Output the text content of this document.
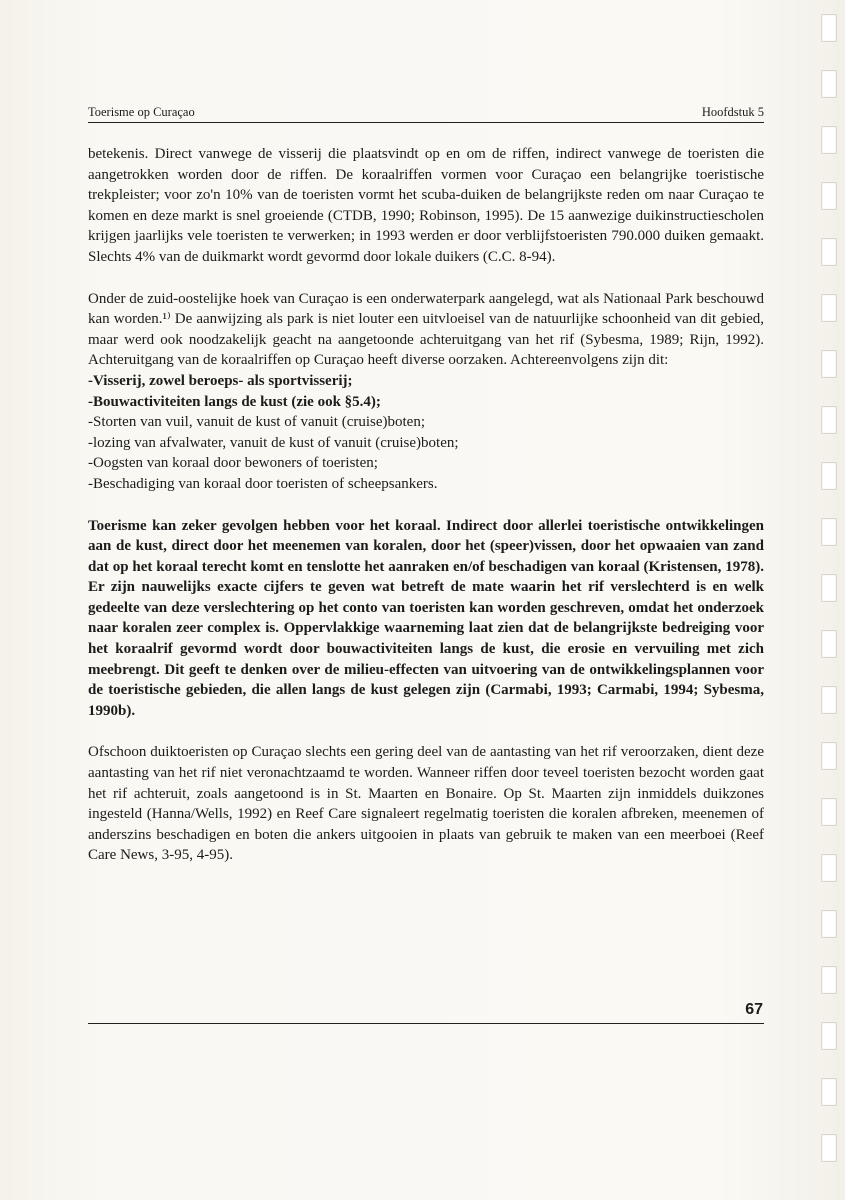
Toerisme op Curaçao	Hoofdstuk 5

betekenis. Direct vanwege de visserij die plaatsvindt op en om de riffen, indirect vanwege de toeristen die aangetrokken worden door de riffen. De koraalriffen vormen voor Curaçao een belangrijke toeristische trekpleister; voor zo'n 10% van de toeristen vormt het scuba-duiken de belangrijkste reden om naar Curaçao te komen en deze markt is snel groeiende (CTDB, 1990; Robinson, 1995). De 15 aanwezige duikinstructiescholen krijgen jaarlijks vele toeristen te verwerken; in 1993 werden er door verblijfstoeristen 790.000 duiken gemaakt. Slechts 4% van de duikmarkt wordt gevormd door lokale duikers (C.C. 8-94).

Onder de zuid-oostelijke hoek van Curaçao is een onderwaterpark aangelegd, wat als Nationaal Park beschouwd kan worden.¹⁾ De aanwijzing als park is niet louter een uitvloeisel van de natuurlijke schoonheid van dit gebied, maar werd ook noodzakelijk geacht na aangetoonde achteruitgang van het rif (Sybesma, 1989; Rijn, 1992). Achteruitgang van de koraalriffen op Curaçao heeft diverse oorzaken. Achtereenvolgens zijn dit:

-Visserij, zowel beroeps- als sportvisserij;
-Bouwactiviteiten langs de kust (zie ook §5.4);
-Storten van vuil, vanuit de kust of vanuit (cruise)boten;
-lozing van afvalwater, vanuit de kust of vanuit (cruise)boten;
-Oogsten van koraal door bewoners of toeristen;
-Beschadiging van koraal door toeristen of scheepsankers.

Toerisme kan zeker gevolgen hebben voor het koraal. Indirect door allerlei toeristische ontwikkelingen aan de kust, direct door het meenemen van koralen, door het (speer)vissen, door het opwaaien van zand dat op het koraal terecht komt en tenslotte het aanraken en/of beschadigen van koraal (Kristensen, 1978). Er zijn nauwelijks exacte cijfers te geven wat betreft de mate waarin het rif verslechterd is en welk gedeelte van deze verslechtering op het conto van toeristen kan worden geschreven, omdat het onderzoek naar koralen zeer complex is. Oppervlakkige waarneming laat zien dat de belangrijkste bedreiging voor het koraalrif gevormd wordt door bouwactiviteiten langs de kust, die erosie en vervuiling met zich meebrengt. Dit geeft te denken over de milieu-effecten van uitvoering van de ontwikkelingsplannen voor de toeristische gebieden, die allen langs de kust gelegen zijn (Carmabi, 1993; Carmabi, 1994; Sybesma, 1990b).

Ofschoon duiktoeristen op Curaçao slechts een gering deel van de aantasting van het rif veroorzaken, dient deze aantasting van het rif niet veronachtzaamd te worden. Wanneer riffen door teveel toeristen bezocht worden gaat het rif achteruit, zoals aangetoond is in St. Maarten en Bonaire. Op St. Maarten zijn inmiddels duikzones ingesteld (Hanna/Wells, 1992) en Reef Care signaleert regelmatig toeristen die koralen afbreken, meenemen of anderszins beschadigen en boten die ankers uitgooien in plaats van gebruik te maken van een meerboei (Reef Care News, 3-95, 4-95).

67
